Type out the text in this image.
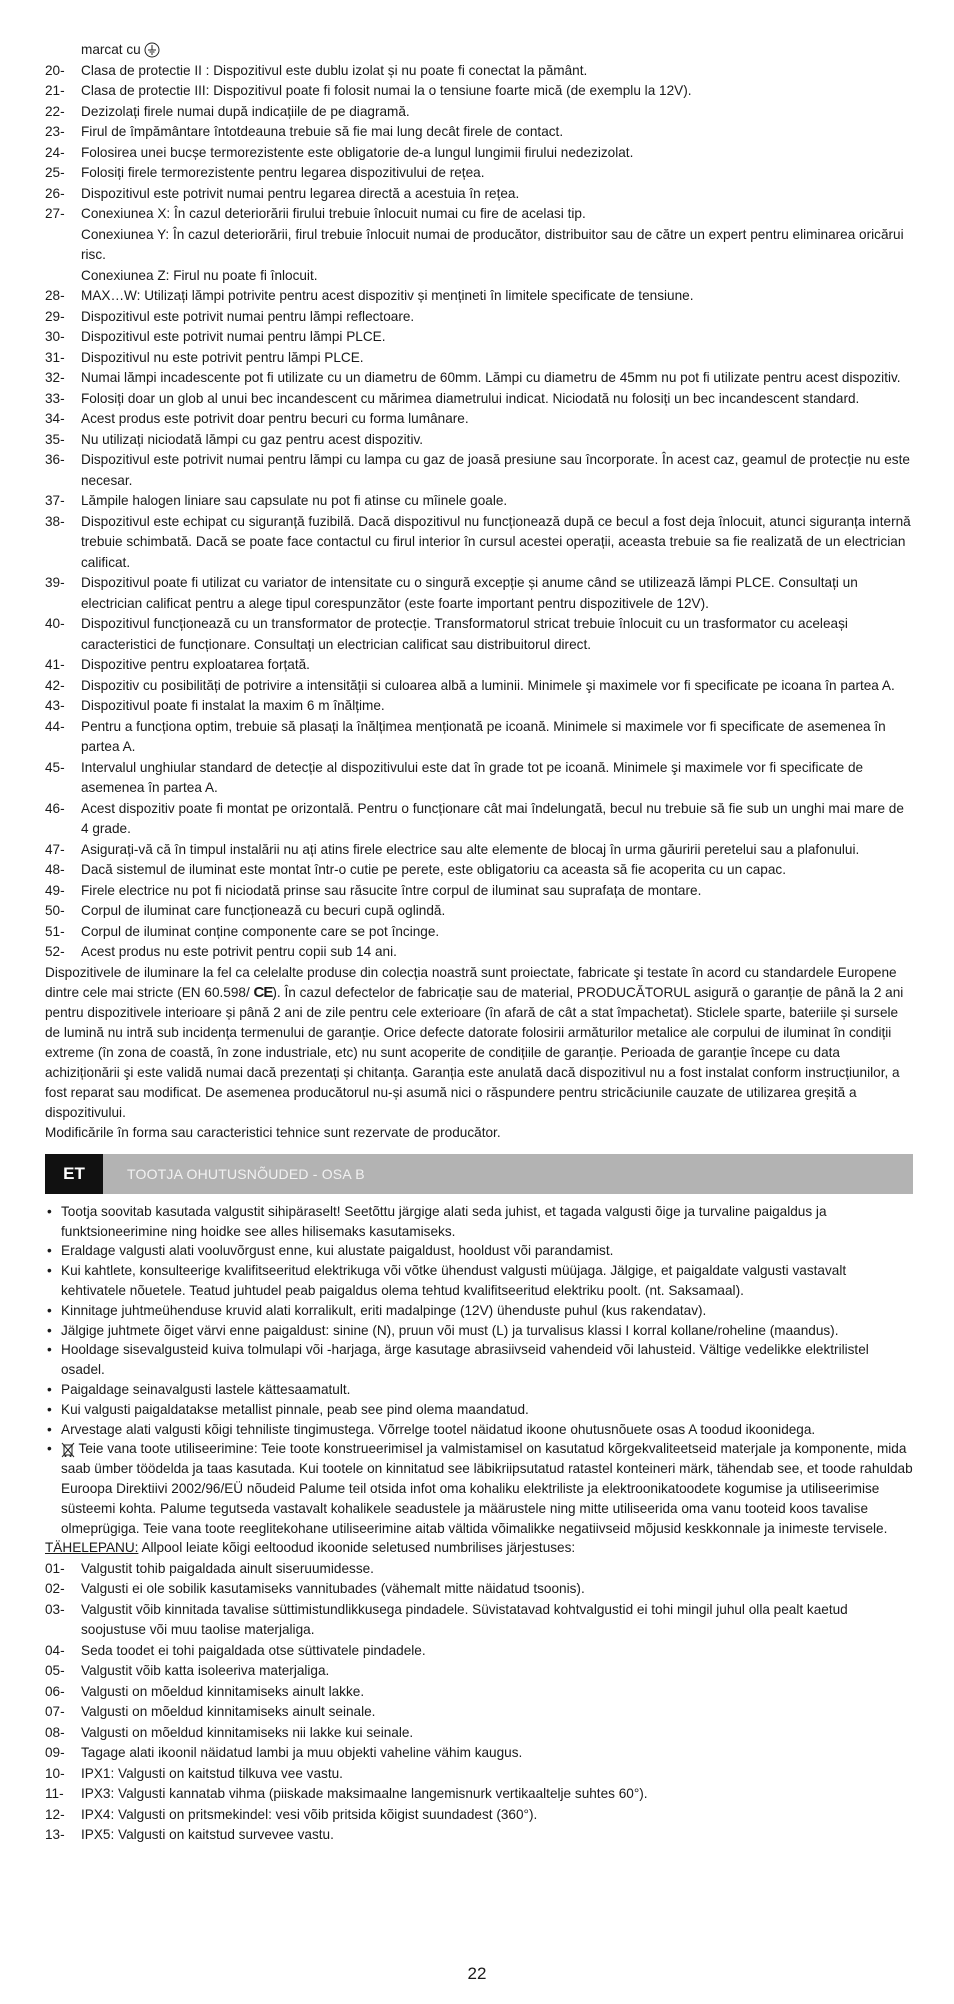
marcat cu
20-	Clasa de protectie II : Dispozitivul este dublu izolat și nu poate fi conectat la pământ.
21-	Clasa de protectie III: Dispozitivul poate fi folosit numai la o tensiune foarte mică (de exemplu la 12V).
22-	Dezizolați firele numai după indicațiile de pe diagramă.
23-	Firul de împământare întotdeauna trebuie să fie mai lung decât firele de contact.
24-	Folosirea unei bucșe termorezistente este obligatorie de-a lungul lungimii firului nedezizolat.
25-	Folosiți firele termorezistente pentru legarea dispozitivului de rețea.
26-	Dispozitivul este potrivit numai pentru legarea directă a acestuia în rețea.
27-	Conexiunea X: În cazul deteriorării firului trebuie înlocuit numai cu fire de acelasi tip.
Conexiunea Y: În cazul deteriorării, firul trebuie înlocuit numai de producător, distribuitor sau de către un expert pentru eliminarea oricărui risc.
Conexiunea Z: Firul nu poate fi înlocuit.
28-	MAX…W: Utilizați lămpi potrivite pentru acest dispozitiv și mențineti în limitele specificate de tensiune.
29-	Dispozitivul este potrivit numai pentru lămpi reflectoare.
30-	Dispozitivul este potrivit numai pentru lămpi PLCE.
31-	Dispozitivul nu este potrivit pentru lămpi PLCE.
32-	Numai lămpi incadescente pot fi utilizate cu un diametru de 60mm. Lămpi cu diametru de 45mm nu pot fi utilizate pentru acest dispozitiv.
33-	Folosiți doar un glob al unui bec incandescent cu mărimea diametrului indicat. Niciodată nu folosiți un bec incandescent standard.
34-	Acest produs este potrivit doar pentru becuri cu forma lumânare.
35-	Nu utilizați niciodată lămpi cu gaz pentru acest dispozitiv.
36-	Dispozitivul este potrivit numai pentru lămpi cu lampa cu gaz de joasă presiune sau încorporate. În acest caz, geamul de protecție nu este necesar.
37-	Lămpile halogen liniare sau capsulate nu pot fi atinse cu mîinele goale.
38-	Dispozitivul este echipat cu siguranță fuzibilă. Dacă dispozitivul nu funcționează după ce becul a fost deja înlocuit, atunci siguranța internă trebuie schimbată. Dacă se poate face contactul cu firul interior în cursul acestei operații, aceasta trebuie sa fie realizată de un electrician calificat.
39-	Dispozitivul poate fi utilizat cu variator de intensitate cu o singură excepție și anume când se utilizează lămpi PLCE. Consultați un electrician calificat pentru a alege tipul corespunzător (este foarte important pentru dispozitivele de 12V).
40-	Dispozitivul funcționează cu un transformator de protecție. Transformatorul stricat trebuie înlocuit cu un trasformator cu aceleași caracteristici de funcționare. Consultați un electrician calificat sau distribuitorul direct.
41-	Dispozitive pentru exploatarea forțată.
42-	Dispozitiv cu posibilități de potrivire a intensității si culoarea albă a luminii. Minimele şi maximele vor fi specificate pe icoana în partea A.
43-	Dispozitivul poate fi instalat la maxim 6 m înălțime.
44-	Pentru a funcționa optim, trebuie să plasați la înălțimea menționată pe icoană. Minimele si maximele vor fi specificate de asemenea în partea A.
45-	Intervalul unghiular standard de detecție al dispozitivului este dat în grade tot pe icoană. Minimele şi maximele vor fi specificate de asemenea în partea A.
46-	Acest dispozitiv poate fi montat pe orizontală. Pentru o funcționare cât mai îndelungată, becul nu trebuie să fie sub un unghi mai mare de 4 grade.
47-	Asigurați-vă că în timpul instalării nu ați atins firele electrice sau alte elemente de blocaj în urma găuririi peretelui sau a plafonului.
48-	Dacă sistemul de iluminat este montat într-o cutie pe perete, este obligatoriu ca aceasta să fie acoperita cu un capac.
49-	Firele electrice nu pot fi niciodată prinse sau răsucite între corpul de iluminat sau suprafața de montare.
50-	Corpul de iluminat care funcționează cu becuri cupă oglindă.
51-	Corpul de iluminat conține componente care se pot încinge.
52-	Acest produs nu este potrivit pentru copii sub 14 ani.
Dispozitivele de iluminare la fel ca celelalte produse din colecția noastră sunt proiectate, fabricate şi testate în acord cu standardele Europene dintre cele mai stricte (EN 60.598/ CE). În cazul defectelor de fabricație sau de material, PRODUCĂTORUL asigură o garanție de până la 2 ani pentru dispozitivele interioare și până 2 ani de zile pentru cele exterioare (în afară de cât a stat împachetat). Sticlele sparte, bateriile și sursele de lumină nu intră sub incidența termenului de garanție. Orice defecte datorate folosirii armăturilor metalice ale corpului de iluminat în condiții extreme (în zona de coastă, în zone industriale, etc) nu sunt acoperite de condițiile de garanție. Perioada de garanție începe cu data achiziționării şi este validă numai dacă prezentați și chitanța. Garanția este anulată dacă dispozitivul nu a fost instalat conform instrucțiunilor, a fost reparat sau modificat. De asemenea producătorul nu-și asumă nici o răspundere pentru stricăciunile cauzate de utilizarea greșită a dispozitivului.
Modificările în forma sau caracteristici tehnice sunt rezervate de producător.
ET	TOOTJA OHUTUSNÕUDED - OSA B
• Tootja soovitab kasutada valgustit sihipäraselt! Seetõttu järgige alati seda juhist, et tagada valgusti õige ja turvaline paigaldus ja funktsioneerimine ning hoidke see alles hilisemaks kasutamiseks.
• Eraldage valgusti alati vooluvõrgust enne, kui alustate paigaldust, hooldust või parandamist.
• Kui kahtlete, konsulteerige kvalifitseeritud elektrikuga või võtke ühendust valgusti müüjaga. Jälgige, et paigaldatе valgusti vastavalt kehtivatele nõuetele. Teatud juhtudel peab paigaldus olema tehtud kvalifitseeritud elektriku poolt. (nt. Saksamaal).
• Kinnitage juhtmeühenduse kruvid alati korralikult, eriti madalpinge (12V) ühenduste puhul (kus rakendatav).
• Jälgige juhtmete õiget värvi enne paigaldust: sinine (N), pruun või must (L) ja turvalisus klassi I korral kollane/roheline (maandus).
• Hooldage sisevalgusteid kuiva tolmulapi või -harjaga, ärge kasutage abrasiivseid vahendeid või lahusteid. Vältige vedelikke elektrilistel osadel.
• Paigaldage seinavalgusti lastele kättesaamatult.
• Kui valgusti paigaldatakse metallist pinnale, peab see pind olema maandatud.
• Arvestage alati valgusti kõigi tehniliste tingimustega. Võrrelge tootel näidatud ikoone ohutusnõuete osas A toodud ikoonidega.
•	Teie vana toote utiliseerimine: Teie toote konstrueerimisel ja valmistamisel on kasutatud kõrgekvaliteetseid materjale ja komponente, mida saab ümber töödelda ja taas kasutada. Kui tootele on kinnitatud see läbikriipsutatud ratastel konteineri märk, tähendab see, et toode rahuldab Euroopa Direktiivi 2002/96/EÜ nõudeid Palume teil otsida infot oma kohaliku elektriliste ja elektroonikatoodete kogumise ja utiliseerimise süsteemi kohta. Palume tegutseda vastavalt kohalikele seadustele ja määrustele ning mitte utiliseerida oma vanu tooteid koos tavalise olmeprügiga. Teie vana toote reeglitekohane utiliseerimine aitab vältida võimalikke negatiivseid mõjusid keskkonnale ja inimeste tervisele.
TÄHELEPANU: Allpool leiate kõigi eeltoodud ikoonide seletused numbrilises järjestuses:
01-	Valgustit tohib paigaldada ainult siseruumidesse.
02-	Valgusti ei ole sobilik kasutamiseks vannitubades (vähemalt mitte näidatud tsoonis).
03-	Valgustit võib kinnitada tavalise süttimistundlikkusega pindadele. Süvistatavad kohtvalgustid ei tohi mingil juhul olla pealt kaetud soojustuse või muu taolise materjaliga.
04-	Seda toodet ei tohi paigaldada otse süttivatele pindadele.
05-	Valgustit võib katta isoleeriva materjaliga.
06-	Valgusti on mõeldud kinnitamiseks ainult lakke.
07-	Valgusti on mõeldud kinnitamiseks ainult seinale.
08-	Valgusti on mõeldud kinnitamiseks nii lakke kui seinale.
09-	Tagage alati ikoonil näidatud lambi ja muu objekti vaheline vähim kaugus.
10-	IPX1: Valgusti on kaitstud tilkuva vee vastu.
11-	IPX3: Valgusti kannatab vihma (piiskade maksimaalne langemisnurk vertikaaltelje suhtes 60°).
12-	IPX4: Valgusti on pritsmekindel: vesi võib pritsida kõigist suundadest (360°).
13-	IPX5: Valgusti on kaitstud survevee vastu.
22
